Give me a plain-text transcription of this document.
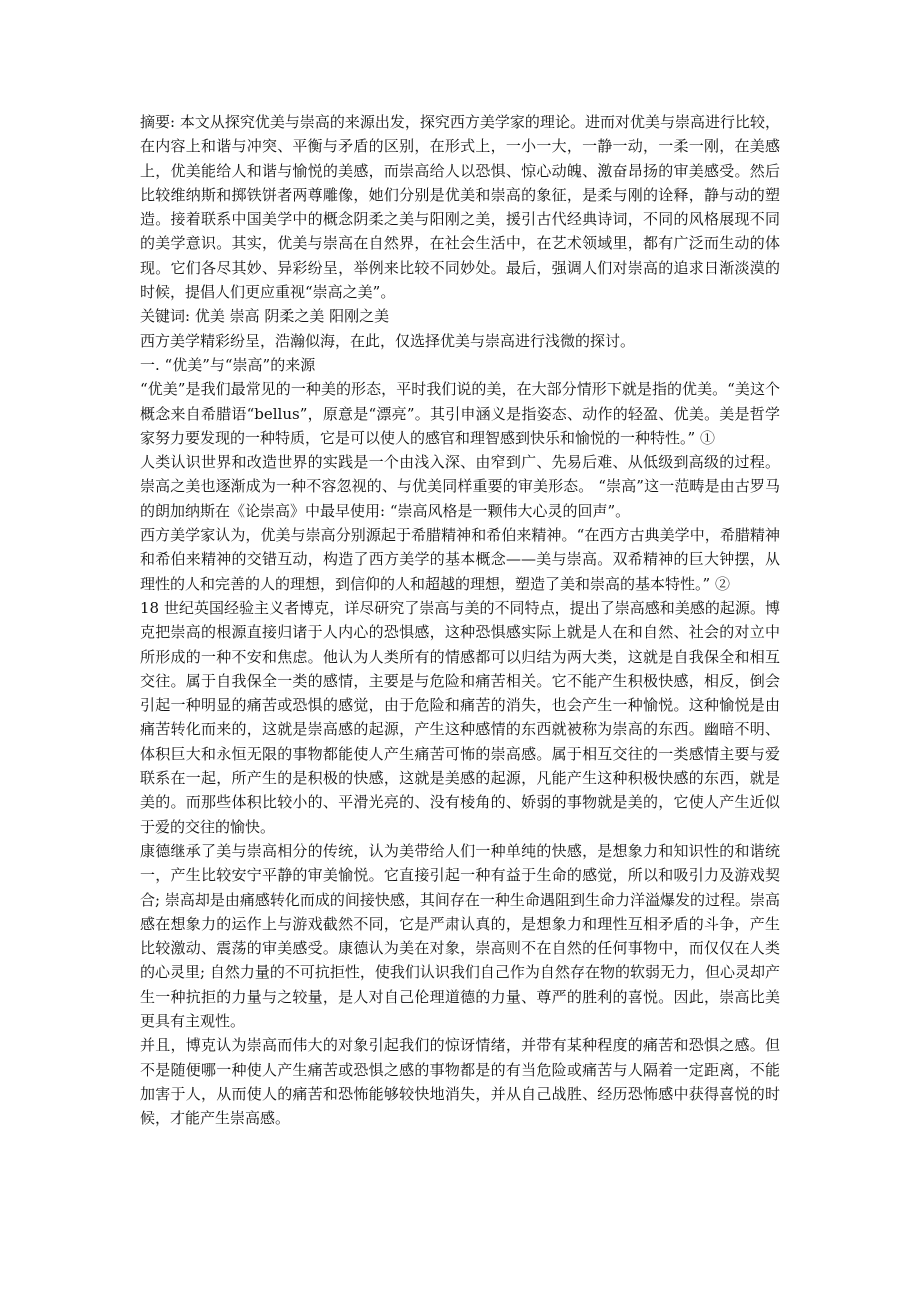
摘要: 本文从探究优美与崇高的来源出发，探究西方美学家的理论。进而对优美与崇高进行比较，在内容上和谐与冲突、平衡与矛盾的区别，在形式上，一小一大，一静一动，一柔一刚，在美感上，优美能给人和谐与愉悦的美感，而崇高给人以恐惧、惊心动魄、激奋昂扬的审美感受。然后比较维纳斯和掷铁饼者两尊雕像，她们分别是优美和崇高的象征，是柔与刚的诠释，静与动的塑造。接着联系中国美学中的概念阴柔之美与阳刚之美，援引古代经典诗词，不同的风格展现不同的美学意识。其实，优美与崇高在自然界，在社会生活中，在艺术领域里，都有广泛而生动的体现。它们各尽其妙、异彩纷呈，举例来比较不同妙处。最后，强调人们对崇高的追求日渐淡漠的时候，提倡人们更应重视“崇高之美”。

关键词: 优美 崇高 阴柔之美 阳刚之美

西方美学精彩纷呈，浩瀚似海，在此，仅选择优美与崇高进行浅微的探讨。

一. “优美”与“崇高”的来源

“优美”是我们最常见的一种美的形态，平时我们说的美，在大部分情形下就是指的优美。“美这个概念来自希腊语“bellus”，原意是“漂亮”。其引申涵义是指姿态、动作的轻盈、优美。美是哲学家努力要发现的一种特质，它是可以使人的感官和理智感到快乐和愉悦的一种特性。” ①

人类认识世界和改造世界的实践是一个由浅入深、由窄到广、先易后难、从低级到高级的过程。崇高之美也逐渐成为一种不容忽视的、与优美同样重要的审美形态。 “崇高”这一范畴是由古罗马的朗加纳斯在《论崇高》中最早使用: “崇高风格是一颗伟大心灵的回声”。

西方美学家认为，优美与崇高分别源起于希腊精神和希伯来精神。“在西方古典美学中，希腊精神和希伯来精神的交错互动，构造了西方美学的基本概念——美与崇高。双希精神的巨大钟摆，从理性的人和完善的人的理想，到信仰的人和超越的理想，塑造了美和崇高的基本特性。” ②

18 世纪英国经验主义者博克，详尽研究了崇高与美的不同特点，提出了崇高感和美感的起源。博克把崇高的根源直接归诸于人内心的恐惧感，这种恐惧感实际上就是人在和自然、社会的对立中所形成的一种不安和焦虑。他认为人类所有的情感都可以归结为两大类，这就是自我保全和相互交往。属于自我保全一类的感情，主要是与危险和痛苦相关。它不能产生积极快感，相反，倒会引起一种明显的痛苦或恐惧的感觉，由于危险和痛苦的消失，也会产生一种愉悦。这种愉悦是由痛苦转化而来的，这就是崇高感的起源，产生这种感情的东西就被称为崇高的东西。幽暗不明、体积巨大和永恒无限的事物都能使人产生痛苦可怖的崇高感。属于相互交往的一类感情主要与爱联系在一起，所产生的是积极的快感，这就是美感的起源，凡能产生这种积极快感的东西，就是美的。而那些体积比较小的、平滑光亮的、没有棱角的、娇弱的事物就是美的，它使人产生近似于爱的交往的愉快。

康德继承了美与崇高相分的传统，认为美带给人们一种单纯的快感，是想象力和知识性的和谐统一，产生比较安宁平静的审美愉悦。它直接引起一种有益于生命的感觉，所以和吸引力及游戏契合; 崇高却是由痛感转化而成的间接快感，其间存在一种生命遇阻到生命力洋溢爆发的过程。崇高感在想象力的运作上与游戏截然不同，它是严肃认真的，是想象力和理性互相矛盾的斗争，产生比较激动、震荡的审美感受。康德认为美在对象，崇高则不在自然的任何事物中，而仅仅在人类的心灵里; 自然力量的不可抗拒性，使我们认识我们自己作为自然存在物的软弱无力，但心灵却产生一种抗拒的力量与之较量，是人对自己伦理道德的力量、尊严的胜利的喜悦。因此，崇高比美更具有主观性。

并且，博克认为崇高而伟大的对象引起我们的惊讶情绪，并带有某种程度的痛苦和恐惧之感。但不是随便哪一种使人产生痛苦或恐惧之感的事物都是的有当危险或痛苦与人隔着一定距离，不能加害于人，从而使人的痛苦和恐怖能够较快地消失，并从自己战胜、经历恐怖感中获得喜悦的时候，才能产生崇高感。
